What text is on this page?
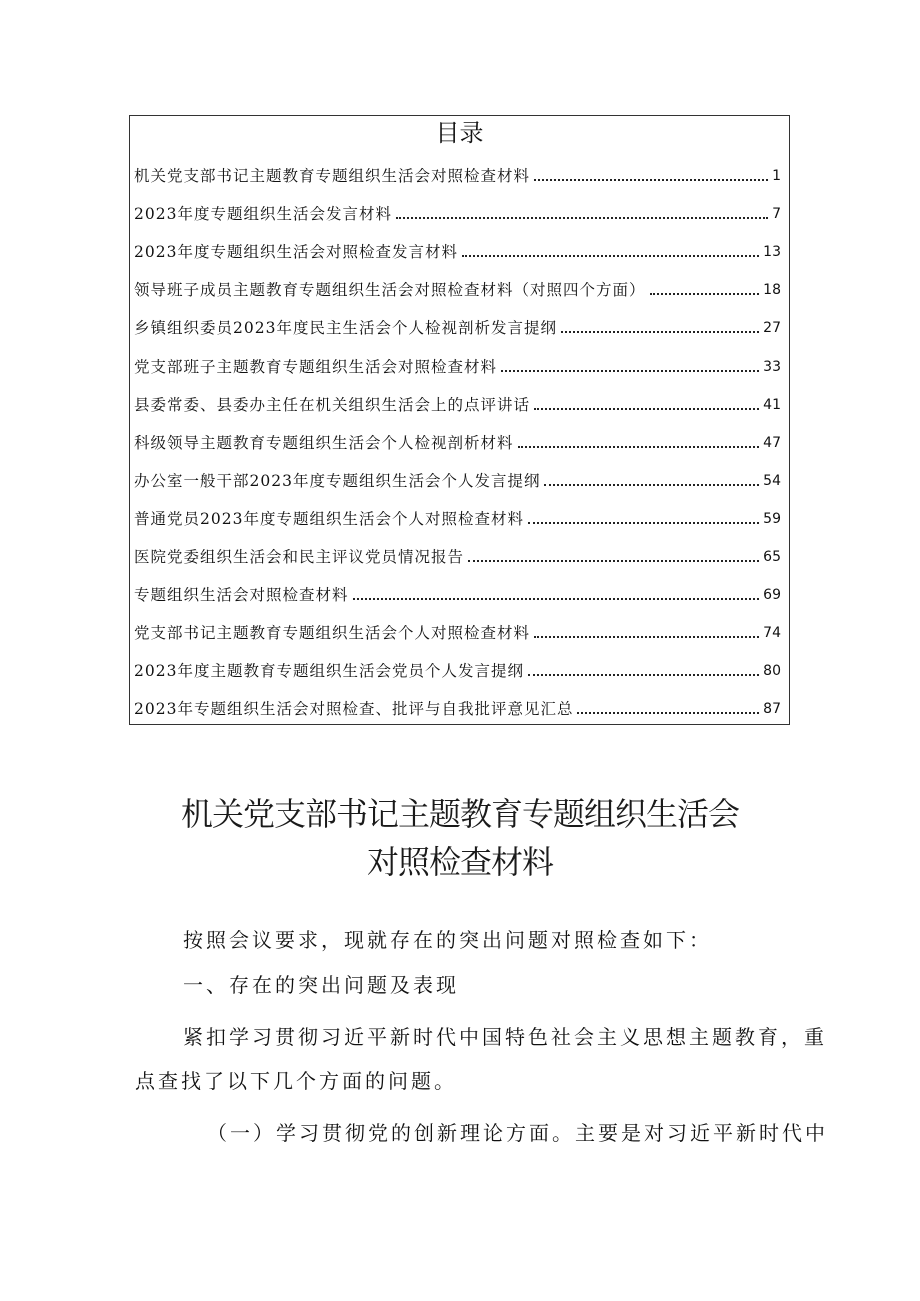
目录
机关党支部书记主题教育专题组织生活会对照检查材料	1
2023年度专题组织生活会发言材料	7
2023年度专题组织生活会对照检查发言材料	13
领导班子成员主题教育专题组织生活会对照检查材料（对照四个方面）	18
乡镇组织委员2023年度民主生活会个人检视剖析发言提纲	27
党支部班子主题教育专题组织生活会对照检查材料	33
县委常委、县委办主任在机关组织生活会上的点评讲话	41
科级领导主题教育专题组织生活会个人检视剖析材料	47
办公室一般干部2023年度专题组织生活会个人发言提纲	54
普通党员2023年度专题组织生活会个人对照检查材料	59
医院党委组织生活会和民主评议党员情况报告	65
专题组织生活会对照检查材料	69
党支部书记主题教育专题组织生活会个人对照检查材料	74
2023年度主题教育专题组织生活会党员个人发言提纲	80
2023年专题组织生活会对照检查、批评与自我批评意见汇总	87
机关党支部书记主题教育专题组织生活会
对照检查材料
按照会议要求，现就存在的突出问题对照检查如下：
一、存在的突出问题及表现
紧扣学习贯彻习近平新时代中国特色社会主义思想主题教育，重
点查找了以下几个方面的问题。
（一）学习贯彻党的创新理论方面。主要是对习近平新时代中
